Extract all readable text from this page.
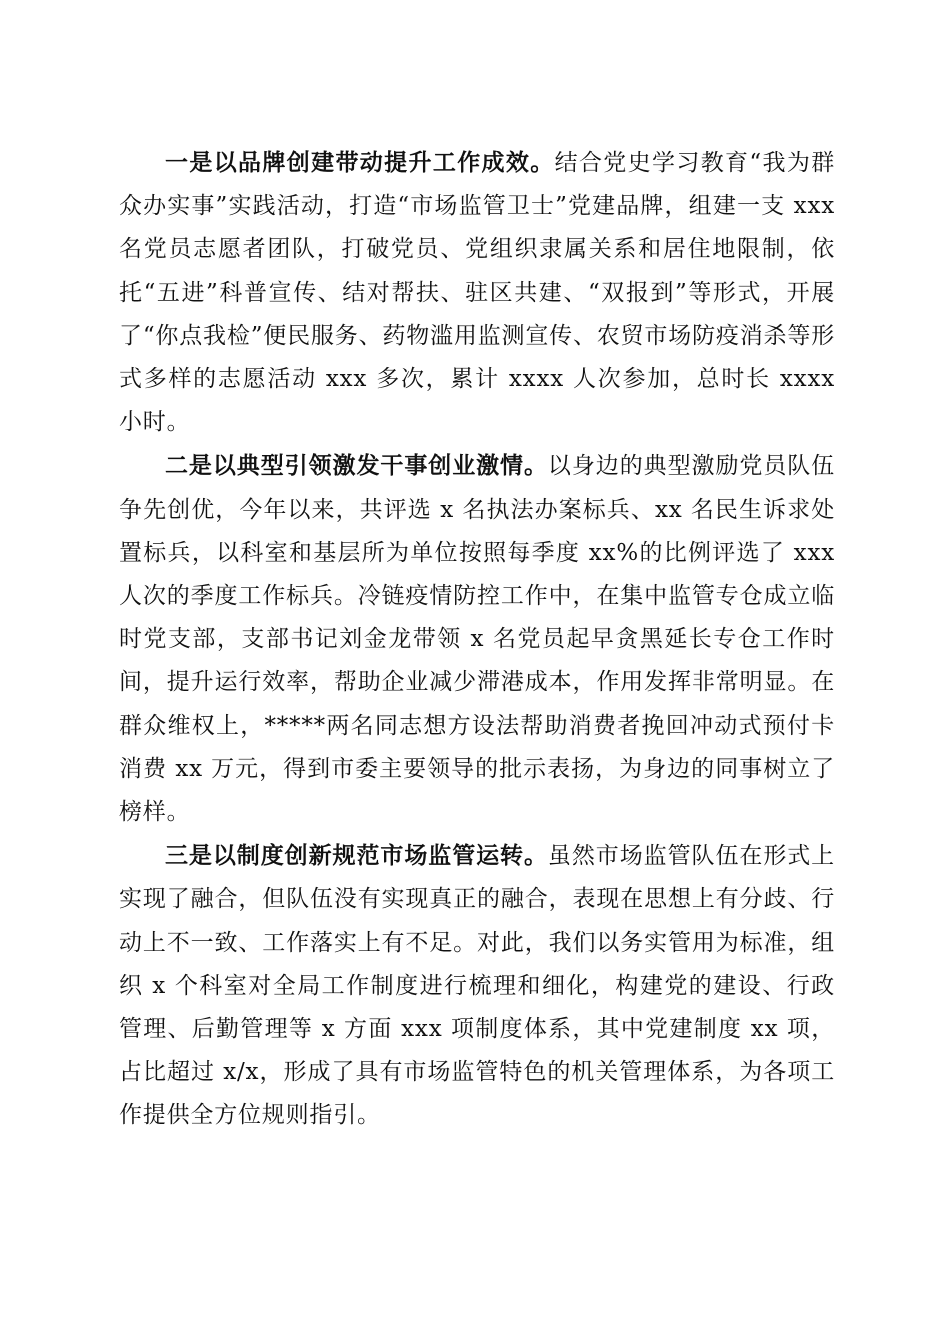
一是以品牌创建带动提升工作成效。结合党史学习教育“我为群众办实事”实践活动，打造“市场监管卫士”党建品牌，组建一支 xxx 名党员志愿者团队，打破党员、党组织隶属关系和居住地限制，依托“五进”科普宣传、结对帮扶、驻区共建、“双报到”等形式，开展了“你点我检”便民服务、药物滥用监测宣传、农贸市场防疫消杀等形式多样的志愿活动 xxx 多次，累计 xxxx 人次参加，总时长 xxxx 小时。

二是以典型引领激发干事创业激情。以身边的典型激励党员队伍争先创优，今年以来，共评选 x 名执法办案标兵、xx 名民生诉求处置标兵，以科室和基层所为单位按照每季度 xx%的比例评选了 xxx 人次的季度工作标兵。冷链疫情防控工作中，在集中监管专仓成立临时党支部，支部书记刘金龙带领 x 名党员起早贪黑延长专仓工作时间，提升运行效率，帮助企业减少滞港成本，作用发挥非常明显。在群众维权上，*****两名同志想方设法帮助消费者挽回冲动式预付卡消费 xx 万元，得到市委主要领导的批示表扬，为身边的同事树立了榜样。

三是以制度创新规范市场监管运转。虽然市场监管队伍在形式上实现了融合，但队伍没有实现真正的融合，表现在思想上有分歧、行动上不一致、工作落实上有不足。对此，我们以务实管用为标准，组织 x 个科室对全局工作制度进行梳理和细化，构建党的建设、行政管理、后勤管理等 x 方面 xxx 项制度体系，其中党建制度 xx 项，占比超过 x/x，形成了具有市场监管特色的机关管理体系，为各项工作提供全方位规则指引。
